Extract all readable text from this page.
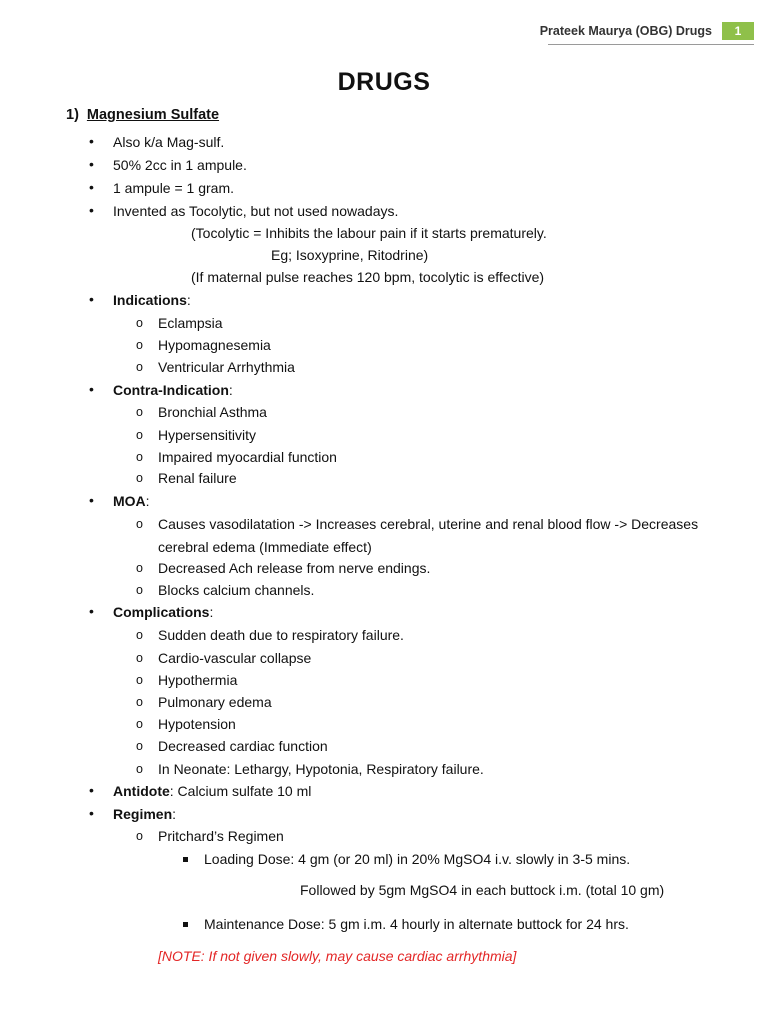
Prateek Maurya (OBG) Drugs	1
DRUGS
1) Magnesium Sulfate
• Also k/a Mag-sulf.
• 50% 2cc in 1 ampule.
• 1 ampule = 1 gram.
• Invented as Tocolytic, but not used nowadays.
(Tocolytic = Inhibits the labour pain if it starts prematurely.
Eg; Isoxyprine, Ritodrine)
(If maternal pulse reaches 120 bpm, tocolytic is effective)
• Indications:
o Eclampsia
o Hypomagnesemia
o Ventricular Arrhythmia
• Contra-Indication:
o Bronchial Asthma
o Hypersensitivity
o Impaired myocardial function
o Renal failure
• MOA:
o Causes vasodilatation -> Increases cerebral, uterine and renal blood flow -> Decreases
cerebral edema (Immediate effect)
o Decreased Ach release from nerve endings.
o Blocks calcium channels.
• Complications:
o Sudden death due to respiratory failure.
o Cardio-vascular collapse
o Hypothermia
o Pulmonary edema
o Hypotension
o Decreased cardiac function
o In Neonate: Lethargy, Hypotonia, Respiratory failure.
• Antidote: Calcium sulfate 10 ml
• Regimen:
o Pritchard’s Regimen
Loading Dose: 4 gm (or 20 ml) in 20% MgSO4 i.v. slowly in 3-5 mins.
Followed by 5gm MgSO4 in each buttock i.m. (total 10 gm)
Maintenance Dose: 5 gm i.m. 4 hourly in alternate buttock for 24 hrs.
[NOTE: If not given slowly, may cause cardiac arrhythmia]
